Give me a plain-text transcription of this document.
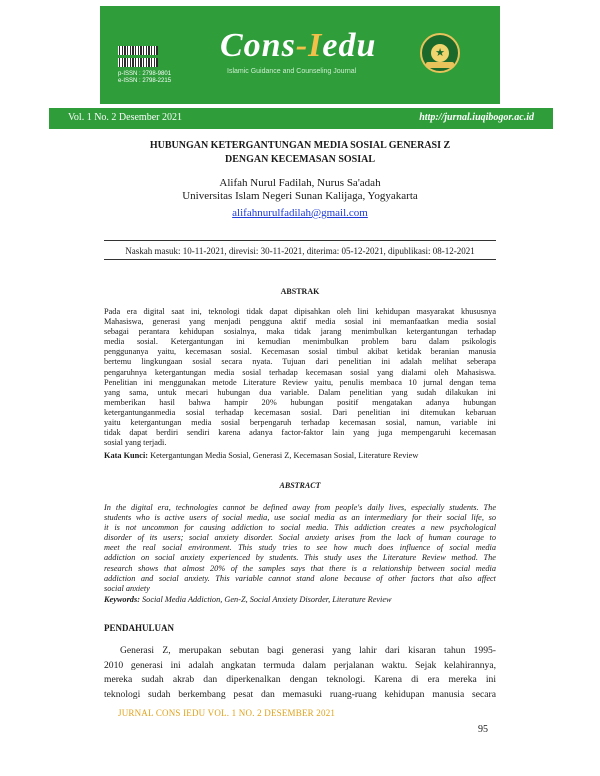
p-ISSN : 2798-9801
e-ISSN : 2798-2215
Cons-Iedu
Islamic Guidance and Counseling Journal
★
Vol. 1 No. 2 Desember 2021	http://jurnal.iuqibogor.ac.id
HUBUNGAN KETERGANTUNGAN MEDIA SOSIAL GENERASI Z
DENGAN KECEMASAN SOSIAL
Alifah Nurul Fadilah, Nurus Sa'adah
Universitas Islam Negeri Sunan Kalijaga, Yogyakarta
alifahnurulfadilah@gmail.com
Naskah masuk: 10-11-2021, direvisi: 30-11-2021, diterima: 05-12-2021, dipublikasi: 08-12-2021
ABSTRAK
Pada era digital saat ini, teknologi tidak dapat dipisahkan oleh lini kehidupan masyarakat khususnya
Mahasiswa, generasi yang menjadi pengguna aktif media sosial ini memanfaatkan media sosial
sebagai perantara kehidupan sosialnya, maka tidak jarang menimbulkan ketergantungan terhadap
media sosial. Ketergantungan ini kemudian menimbulkan problem baru dalam psikologis
penggunanya yaitu, kecemasan sosial. Kecemasan sosial timbul akibat ketidak beranian manusia
bertemu lingkungaan sosial secara nyata. Tujuan dari penelitian ini adalah melihat seberapa
pengaruhnya ketergantungan media sosial terhadap kecemasan sosial yang dialami oleh Mahasiswa.
Penelitian ini menggunakan metode Literature Review yaitu, penulis membaca 10 jurnal dengan tema
yang sama, untuk mecari hubungan dua variable. Dalam penelitian yang sudah dilakukan ini
memberikan hasil bahwa hampir 20% hubungan positif mengatakan adanya hubungan
ketergantunganmedia sosial terhadap kecemasan sosial. Dari penelitian ini ditemukan kebaruan
yaitu ketergantungan media sosial berpengaruh terhadap kecemasan sosial, namun, variable ini
tidak dapat berdiri sendiri karena adanya factor-faktor lain yang juga mempengaruhi kecemasan
sosial yang terjadi.
Kata Kunci: Ketergantungan Media Sosial, Generasi Z, Kecemasan Sosial, Literature Review
ABSTRACT
In the digital era, technologies cannot be defined away from people's daily lives, especially students. The
students who is active users of social media, use social media as an intermediary for their social life, so
it is not uncommon for causing addiction to social media. This addiction creates a new psychological
disorder of its users; social anxiety disorder. Social anxiety arises from the lack of human courage to
meet the real social environment. This study tries to see how much does influence of social media
addiction on social anxiety experienced by students. This study uses the Literature Review method. The
research shows that almost 20% of the samples says that there is a relationship between social media
addiction and social anxiety. This variable cannot stand alone because of other factors that also affect
social anxiety
Keywords: Social Media Addiction, Gen-Z, Social Anxiety Disorder, Literature Review
PENDAHULUAN
Generasi Z, merupakan sebutan bagi generasi yang lahir dari kisaran tahun 1995-
2010 generasi ini adalah angkatan termuda dalam perjalanan waktu. Sejak kelahirannya,
mereka sudah akrab dan diperkenalkan dengan teknologi. Karena di era mereka ini
teknologi sudah berkembang pesat dan memasuki ruang-ruang kehidupan manusia secara
JURNAL CONS IEDU VOL. 1 NO. 2 DESEMBER 2021
95
